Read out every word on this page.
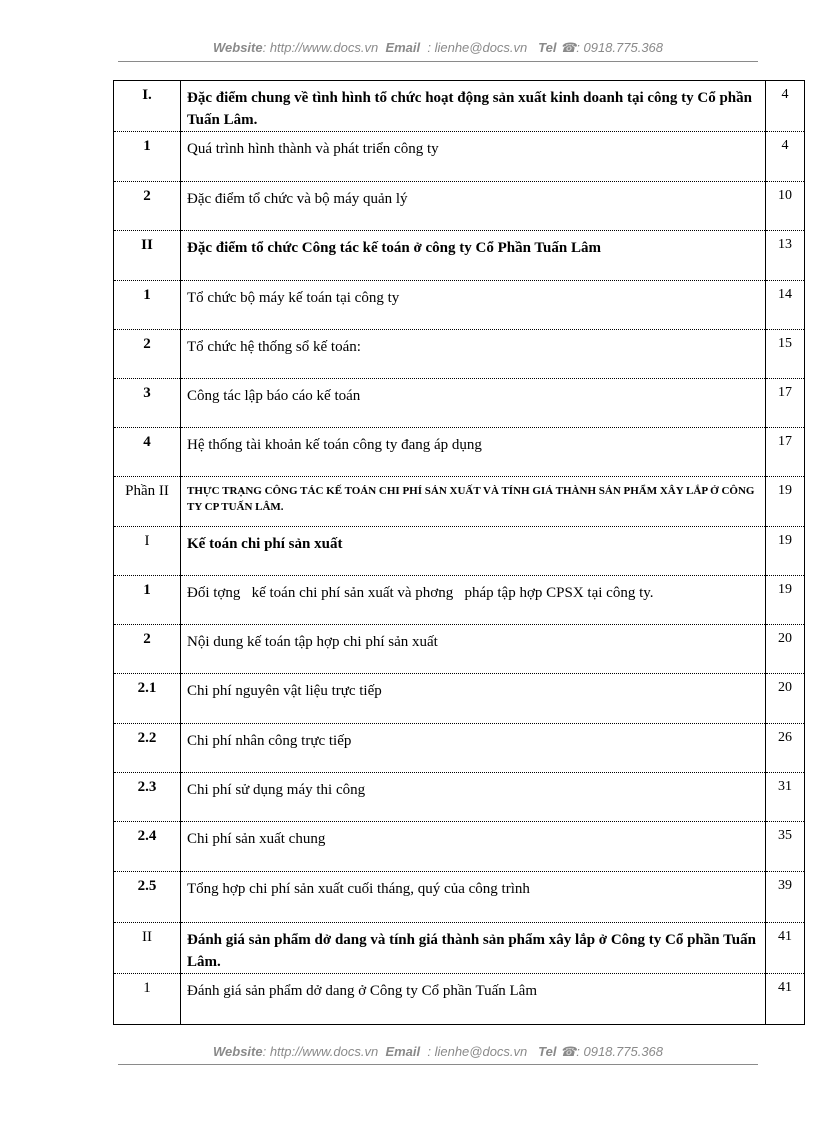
Website: http://www.docs.vn Email : lienhe@docs.vn Tel ☎: 0918.775.368
I.	Đặc điểm chung về tình hình tổ chức hoạt động sản xuất kinh doanh tại công ty Cổ phần Tuấn Lâm.	4
1	Quá trình hình thành và phát triển công ty	4
2	Đặc điểm tổ chức và bộ máy quản lý	10
II	Đặc điểm tổ chức Công tác kế toán ở công ty Cổ Phần Tuấn Lâm	13
1	Tổ chức bộ máy kế toán tại công ty	14
2	Tổ chức hệ thống sổ kế toán:	15
3	Công tác lập báo cáo kế toán	17
4	Hệ thống tài khoản kế toán công ty đang áp dụng	17
Phần II	THỰC TRẠNG CÔNG TÁC KẾ TOÁN CHI PHÍ SẢN XUẤT VÀ TÍNH GIÁ THÀNH SẢN PHẨM XÂY LẮP Ở CÔNG TY CP TUẤN LÂM.	19
I	Kế toán chi phí sản xuất	19
1	Đối tợng   kế toán chi phí sản xuất và phơng   pháp tập hợp CPSX tại công ty.	19
2	Nội dung kế toán tập hợp chi phí sản xuất	20
2.1	Chi phí nguyên vật liệu trực tiếp	20
2.2	Chi phí nhân công trực tiếp	26
2.3	Chi phí sử dụng máy thi công	31
2.4	Chi phí sản xuất chung	35
2.5	Tổng hợp chi phí sản xuất cuối tháng, quý của công trình	39
II	Đánh giá sản phẩm dở dang và tính giá thành sản phẩm xây lắp ở Công ty Cổ phần Tuấn Lâm.	41
1	Đánh giá sản phẩm dở dang ở Công ty Cổ phần Tuấn Lâm	41
Website: http://www.docs.vn Email : lienhe@docs.vn Tel ☎: 0918.775.368
